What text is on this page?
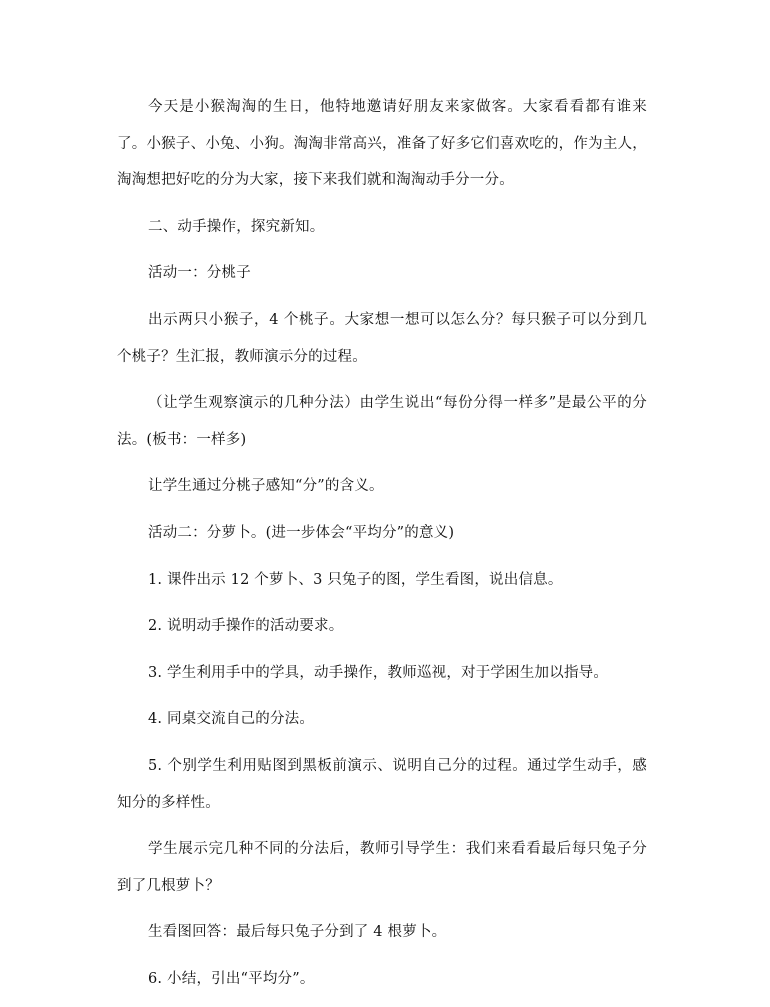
今天是小猴淘淘的生日，他特地邀请好朋友来家做客。大家看看都有谁来了。小猴子、小兔、小狗。淘淘非常高兴，准备了好多它们喜欢吃的，作为主人，淘淘想把好吃的分为大家，接下来我们就和淘淘动手分一分。

二、动手操作，探究新知。

活动一：分桃子

出示两只小猴子，4 个桃子。大家想一想可以怎么分？每只猴子可以分到几个桃子？生汇报，教师演示分的过程。

（让学生观察演示的几种分法）由学生说出“每份分得一样多”是最公平的分法。(板书：一样多)

让学生通过分桃子感知“分”的含义。

活动二：分萝卜。(进一步体会“平均分”的意义)

1. 课件出示 12 个萝卜、3 只兔子的图，学生看图，说出信息。

2. 说明动手操作的活动要求。

3. 学生利用手中的学具，动手操作，教师巡视，对于学困生加以指导。

4. 同桌交流自己的分法。

5. 个别学生利用贴图到黑板前演示、说明自己分的过程。通过学生动手，感知分的多样性。

学生展示完几种不同的分法后，教师引导学生：我们来看看最后每只兔子分到了几根萝卜？

生看图回答：最后每只兔子分到了 4 根萝卜。

6. 小结，引出“平均分”。
